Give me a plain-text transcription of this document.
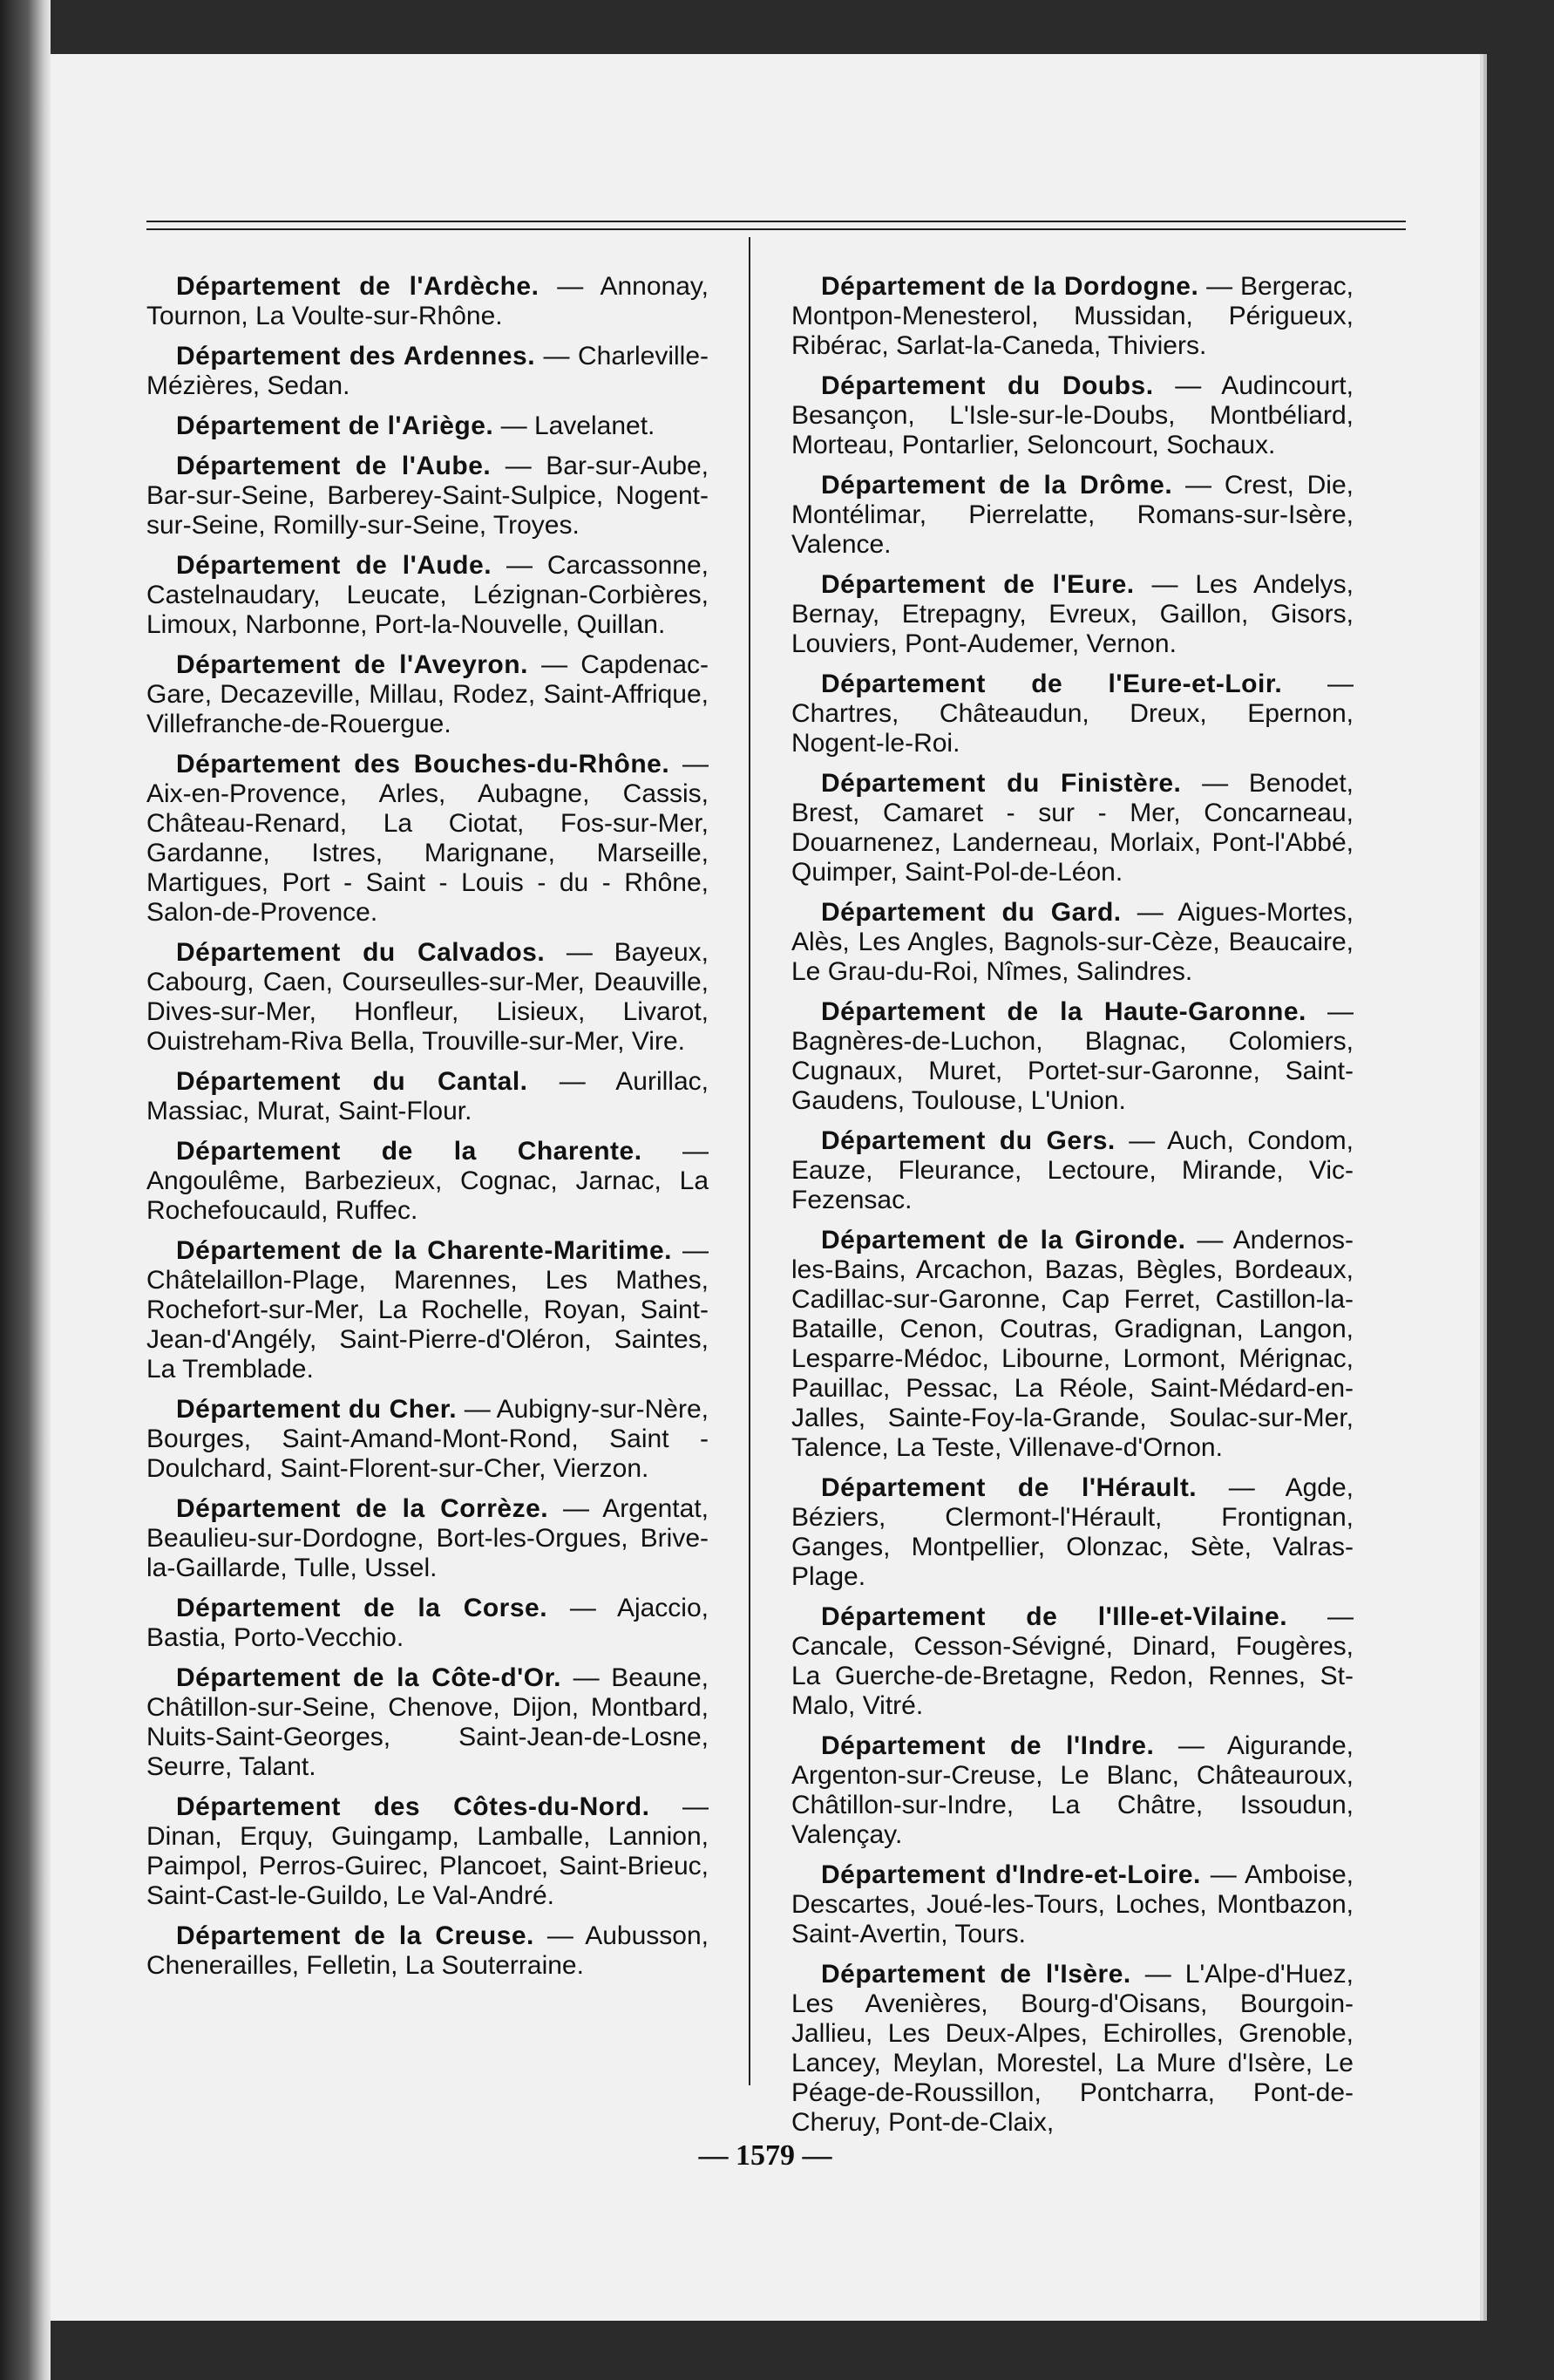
Département de l'Ardèche. — Annonay, Tournon, La Voulte-sur-Rhône.

Département des Ardennes. — Charleville-Mézières, Sedan.

Département de l'Ariège. — Lavelanet.

Département de l'Aube. — Bar-sur-Aube, Bar-sur-Seine, Barberey-Saint-Sulpice, Nogent-sur-Seine, Romilly-sur-Seine, Troyes.

Département de l'Aude. — Carcassonne, Castelnaudary, Leucate, Lézignan-Corbières, Limoux, Narbonne, Port-la-Nouvelle, Quillan.

Département de l'Aveyron. — Capdenac-Gare, Decazeville, Millau, Rodez, Saint-Affrique, Villefranche-de-Rouergue.

Département des Bouches-du-Rhône. — Aix-en-Provence, Arles, Aubagne, Cassis, Château-Renard, La Ciotat, Fos-sur-Mer, Gardanne, Istres, Marignane, Marseille, Martigues, Port - Saint - Louis - du - Rhône, Salon-de-Provence.

Département du Calvados. — Bayeux, Cabourg, Caen, Courseulles-sur-Mer, Deauville, Dives-sur-Mer, Honfleur, Lisieux, Livarot, Ouistreham-Riva Bella, Trouville-sur-Mer, Vire.

Département du Cantal. — Aurillac, Massiac, Murat, Saint-Flour.

Département de la Charente. — Angoulême, Barbezieux, Cognac, Jarnac, La Rochefoucauld, Ruffec.

Département de la Charente-Maritime. — Châtelaillon-Plage, Marennes, Les Mathes, Rochefort-sur-Mer, La Rochelle, Royan, Saint-Jean-d'Angély, Saint-Pierre-d'Oléron, Saintes, La Tremblade.

Département du Cher. — Aubigny-sur-Nère, Bourges, Saint-Amand-Mont-Rond, Saint - Doulchard, Saint-Florent-sur-Cher, Vierzon.

Département de la Corrèze. — Argentat, Beaulieu-sur-Dordogne, Bort-les-Orgues, Brive-la-Gaillarde, Tulle, Ussel.

Département de la Corse. — Ajaccio, Bastia, Porto-Vecchio.

Département de la Côte-d'Or. — Beaune, Châtillon-sur-Seine, Chenove, Dijon, Montbard, Nuits-Saint-Georges, Saint-Jean-de-Losne, Seurre, Talant.

Département des Côtes-du-Nord. — Dinan, Erquy, Guingamp, Lamballe, Lannion, Paimpol, Perros-Guirec, Plancoet, Saint-Brieuc, Saint-Cast-le-Guildo, Le Val-André.

Département de la Creuse. — Aubusson, Chenerailles, Felletin, La Souterraine.

Département de la Dordogne. — Bergerac, Montpon-Menesterol, Mussidan, Périgueux, Ribérac, Sarlat-la-Caneda, Thiviers.

Département du Doubs. — Audincourt, Besançon, L'Isle-sur-le-Doubs, Montbéliard, Morteau, Pontarlier, Seloncourt, Sochaux.

Département de la Drôme. — Crest, Die, Montélimar, Pierrelatte, Romans-sur-Isère, Valence.

Département de l'Eure. — Les Andelys, Bernay, Etrepagny, Evreux, Gaillon, Gisors, Louviers, Pont-Audemer, Vernon.

Département de l'Eure-et-Loir. — Chartres, Châteaudun, Dreux, Epernon, Nogent-le-Roi.

Département du Finistère. — Benodet, Brest, Camaret - sur - Mer, Concarneau, Douarnenez, Landerneau, Morlaix, Pont-l'Abbé, Quimper, Saint-Pol-de-Léon.

Département du Gard. — Aigues-Mortes, Alès, Les Angles, Bagnols-sur-Cèze, Beaucaire, Le Grau-du-Roi, Nîmes, Salindres.

Département de la Haute-Garonne. — Bagnères-de-Luchon, Blagnac, Colomiers, Cugnaux, Muret, Portet-sur-Garonne, Saint-Gaudens, Toulouse, L'Union.

Département du Gers. — Auch, Condom, Eauze, Fleurance, Lectoure, Mirande, Vic-Fezensac.

Département de la Gironde. — Andernos-les-Bains, Arcachon, Bazas, Bègles, Bordeaux, Cadillac-sur-Garonne, Cap Ferret, Castillon-la-Bataille, Cenon, Coutras, Gradignan, Langon, Lesparre-Médoc, Libourne, Lormont, Mérignac, Pauillac, Pessac, La Réole, Saint-Médard-en-Jalles, Sainte-Foy-la-Grande, Soulac-sur-Mer, Talence, La Teste, Villenave-d'Ornon.

Département de l'Hérault. — Agde, Béziers, Clermont-l'Hérault, Frontignan, Ganges, Montpellier, Olonzac, Sète, Valras-Plage.

Département de l'Ille-et-Vilaine. — Cancale, Cesson-Sévigné, Dinard, Fougères, La Guerche-de-Bretagne, Redon, Rennes, St-Malo, Vitré.

Département de l'Indre. — Aigurande, Argenton-sur-Creuse, Le Blanc, Châteauroux, Châtillon-sur-Indre, La Châtre, Issoudun, Valençay.

Département d'Indre-et-Loire. — Amboise, Descartes, Joué-les-Tours, Loches, Montbazon, Saint-Avertin, Tours.

Département de l'Isère. — L'Alpe-d'Huez, Les Avenières, Bourg-d'Oisans, Bourgoin-Jallieu, Les Deux-Alpes, Echirolles, Grenoble, Lancey, Meylan, Morestel, La Mure d'Isère, Le Péage-de-Roussillon, Pontcharra, Pont-de-Cheruy, Pont-de-Claix,

— 1579 —
